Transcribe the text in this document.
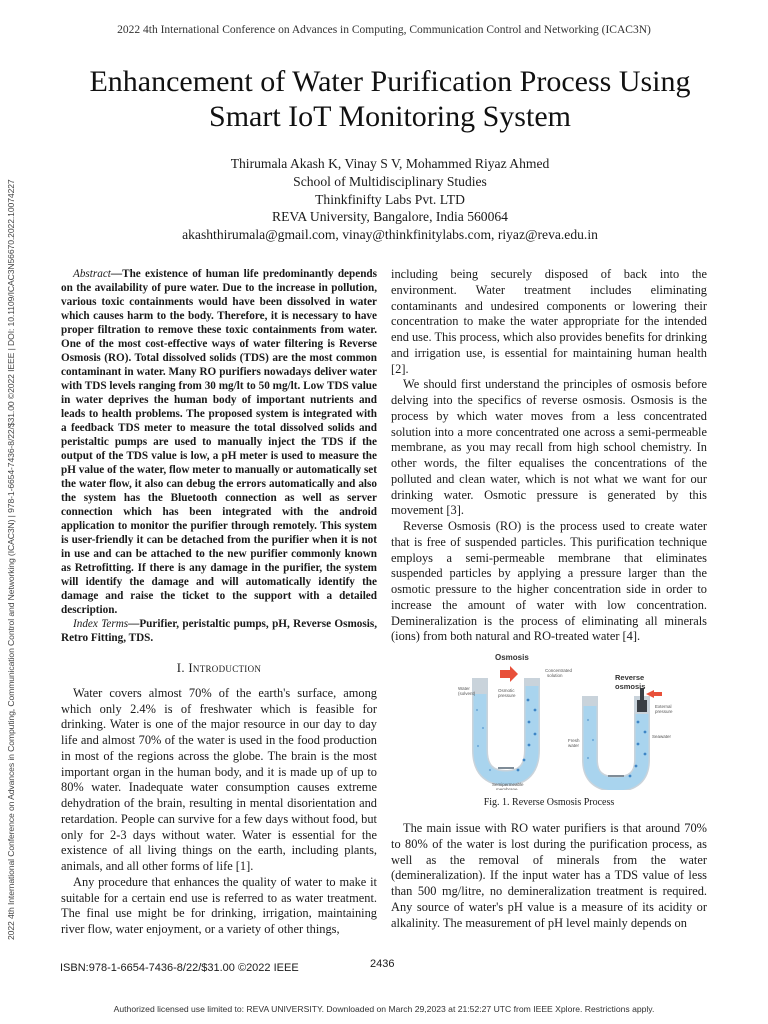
2022 4th International Conference on Advances in Computing, Communication Control and Networking (ICAC3N)
2022 4th International Conference on Advances in Computing, Communication Control and Networking (ICAC3N) | 978-1-6654-7436-8/22/$31.00 ©2022 IEEE | DOI: 10.1109/ICAC3N56670.2022.10074227
Enhancement of Water Purification Process Using
Smart IoT Monitoring System
Thirumala Akash K, Vinay S V, Mohammed Riyaz Ahmed
School of Multidisciplinary Studies
Thinkfinifty Labs Pvt. LTD
REVA University, Bangalore, India 560064
akashthirumala@gmail.com, vinay@thinkfinitylabs.com, riyaz@reva.edu.in

Abstract—The existence of human life predominantly depends on the availability of pure water. Due to the increase in pollution, various toxic containments would have been dissolved in water which causes harm to the body. Therefore, it is necessary to have proper filtration to remove these toxic containments from water. One of the most cost-effective ways of water filtering is Reverse Osmosis (RO). Total dissolved solids (TDS) are the most common contaminant in water. Many RO purifiers nowadays deliver water with TDS levels ranging from 30 mg/lt to 50 mg/lt. Low TDS value in water deprives the human body of important nutrients and leads to health problems. The proposed system is integrated with a feedback TDS meter to measure the total dissolved solids and peristaltic pumps are used to manually inject the TDS if the output of the TDS value is low, a pH meter is used to measure the pH value of the water, flow meter to manually or automatically set the water flow, it also can debug the errors automatically and also the system has the Bluetooth connection as well as server connection which has been integrated with the android application to monitor the purifier through remotely. This system is user-friendly it can be detached from the purifier when it is not in use and can be attached to the new purifier commonly known as Retrofitting. If there is any damage in the purifier, the system will identify the damage and will automatically identify the damage and raise the ticket to the support with a detailed description.

Index Terms—Purifier, peristaltic pumps, pH, Reverse Osmosis, Retro Fitting, TDS.

I. Introduction

Water covers almost 70% of the earth's surface, among which only 2.4% is of freshwater which is feasible for drinking. Water is one of the major resource in our day to day life and almost 70% of the water is used in the food production in most of the regions across the globe. The brain is the most important organ in the human body, and it is made up of up to 80% water. Inadequate water consumption causes extreme dehydration of the brain, resulting in mental disorientation and retardation. People can survive for a few days without food, but only for 2-3 days without water. Water is essential for the existence of all living things on the earth, including plants, animals, and all other forms of life [1].

Any procedure that enhances the quality of water to make it suitable for a certain end use is referred to as water treatment. The final use might be for drinking, irrigation, maintaining river flow, water enjoyment, or a variety of other things,

including being securely disposed of back into the environment. Water treatment includes eliminating contaminants and undesired components or lowering their concentration to make the water appropriate for the intended end use. This process, which also provides benefits for drinking and irrigation use, is essential for maintaining human health [2].

We should first understand the principles of osmosis before delving into the specifics of reverse osmosis. Osmosis is the process by which water moves from a less concentrated solution into a more concentrated one across a semi-permeable membrane, as you may recall from high school chemistry. In other words, the filter equalises the concentrations of the polluted and clean water, which is not what we want for our drinking water. Osmotic pressure is generated by this movement [3].

Reverse Osmosis (RO) is the process used to create water that is free of suspended particles. This purification technique employs a semi-permeable membrane that eliminates suspended particles by applying a pressure larger than the osmotic pressure to the higher concentration side in order to increase the amount of water with low concentration. Demineralization is the process of eliminating all minerals (ions) from both natural and RO-treated water [4].

Osmosis
Concentrated
solution
Water
(solvent)
Osmotic
pressure
Semipermeable
membrane
Reverse
osmosis
External
pressure
Fresh
water
Seawater
Fig. 1. Reverse Osmosis Process

The main issue with RO water purifiers is that around 70% to 80% of the water is lost during the purification process, as well as the removal of minerals from the water (demineralization). If the input water has a TDS value of less than 500 mg/litre, no demineralization treatment is required. Any source of water's pH value is a measure of its acidity or alkalinity. The measurement of pH level mainly depends on

ISBN:978-1-6654-7436-8/22/$31.00 ©2022 IEEE	2436
Authorized licensed use limited to: REVA UNIVERSITY. Downloaded on March 29,2023 at 21:52:27 UTC from IEEE Xplore. Restrictions apply.
